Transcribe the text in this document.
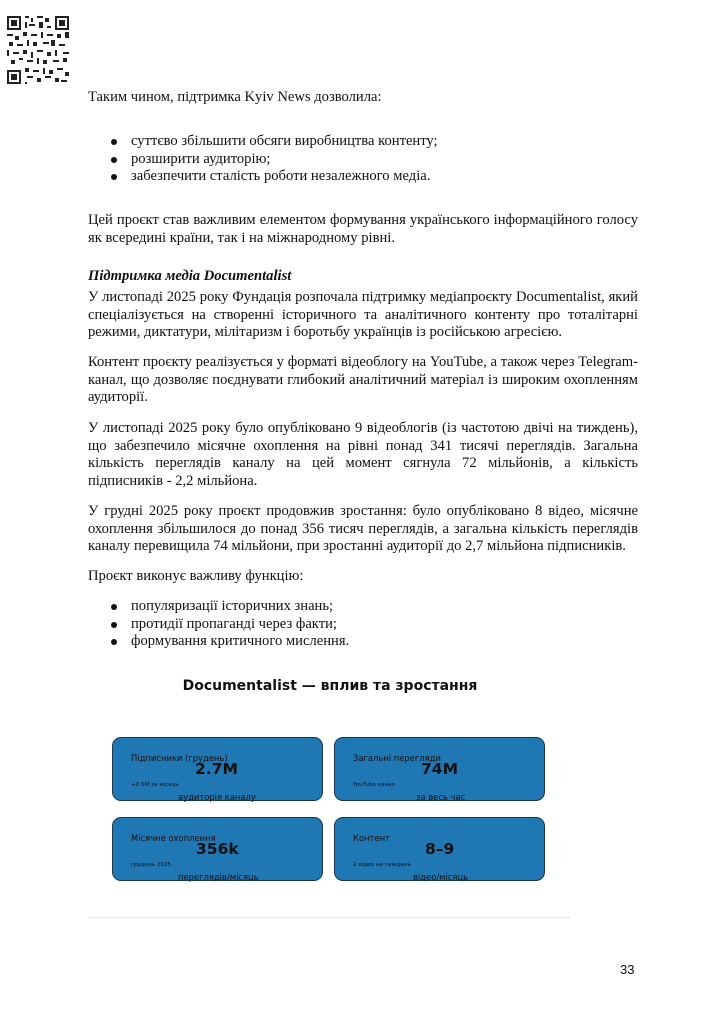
Таким чином, підтримка Kyiv News дозволила:

суттєво збільшити обсяги виробництва контенту;
розширити аудиторію;
забезпечити сталість роботи незалежного медіа.

Цей проєкт став важливим елементом формування українського інформаційного голосу як всередині країни, так і на міжнародному рівні.

Підтримка медіа Documentalist

У листопаді 2025 року Фундація розпочала підтримку медіапроєкту Documentalist, який спеціалізується на створенні історичного та аналітичного контенту про тоталітарні режими, диктатури, мілітаризм і боротьбу українців із російською агресією.

Контент проєкту реалізується у форматі відеоблогу на YouTube, а також через Telegram-канал, що дозволяє поєднувати глибокий аналітичний матеріал із широким охопленням аудиторії.

У листопаді 2025 року було опубліковано 9 відеоблогів (із частотою двічі на тиждень), що забезпечило місячне охоплення на рівні понад 341 тисячі переглядів. Загальна кількість переглядів каналу на цей момент сягнула 72 мільйонів, а кількість підписників - 2,2 мільйона.

У грудні 2025 року проєкт продовжив зростання: було опубліковано 8 відео, місячне охоплення збільшилося до понад 356 тисяч переглядів, а загальна кількість переглядів каналу перевищила 74 мільйони, при зростанні аудиторії до 2,7 мільйона підписників.

Проєкт виконує важливу функцію:

популяризації історичних знань;
протидії пропаганді через факти;
формування критичного мислення.
Documentalist — вплив та зростання
Підписники (грудень)
2.7M
+0.5M за місяць
аудиторія каналу
Загальні перегляди
74M
YouTube канал
за весь час
Місячне охоплення
356k
грудень 2025
переглядів/місяць
Контент
8–9
2 відео на тиждень
відео/місяць
33
